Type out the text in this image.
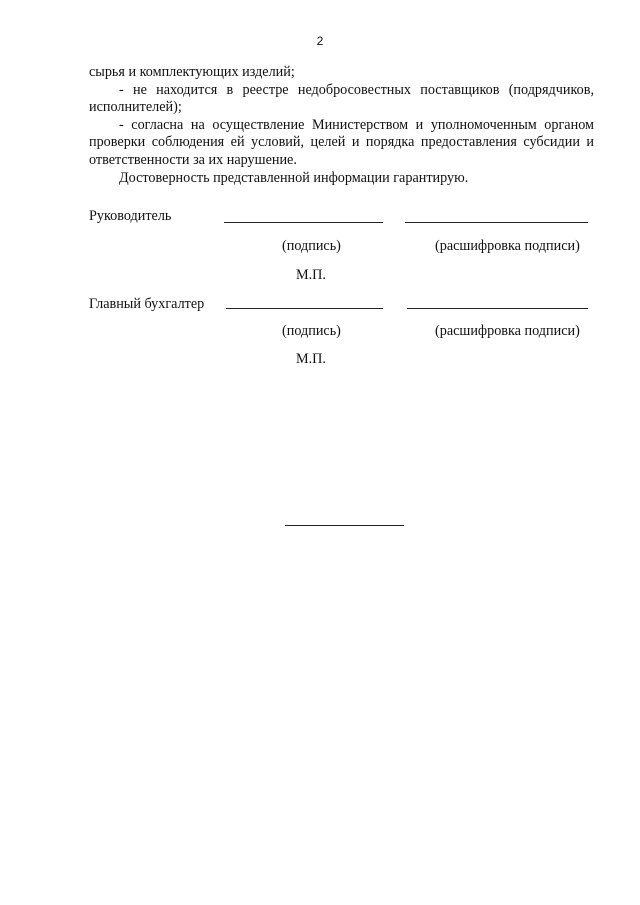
2

сырья и комплектующих изделий;

- не находится в реестре недобросовестных поставщиков (подрядчиков, исполнителей);

- согласна на осуществление Министерством и уполномоченным органом проверки соблюдения ей условий, целей и порядка предоставления субсидии и ответственности за их нарушение.

Достоверность представленной информации гарантирую.

Руководитель
(подпись)	(расшифровка подписи)
М.П.
Главный бухгалтер
(подпись)	(расшифровка подписи)
М.П.
